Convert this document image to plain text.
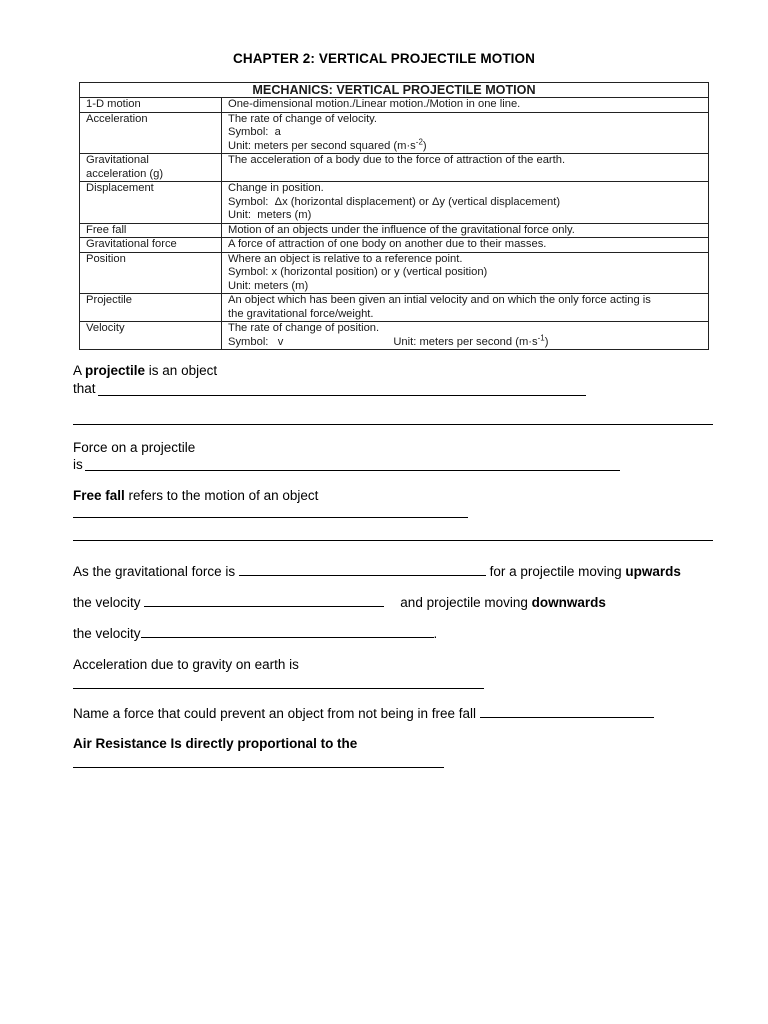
CHAPTER 2: VERTICAL PROJECTILE MOTION
MECHANICS: VERTICAL PROJECTILE MOTION	

1-D motion	One-dimensional motion./Linear motion./Motion in one line.

Acceleration	The rate of change of velocity.
Symbol:  a
Unit: meters per second squared $(m\cdot s^{-2})$

Gravitational
acceleration (g)	The acceleration of a body due to the force of attraction of the earth.

Displacement	Change in position.
Symbol:  Δx (horizontal displacement) or Δy (vertical displacement)
Unit:  meters (m)

Free fall	Motion of an objects under the influence of the gravitational force only.

Gravitational force	A force of attraction of one body on another due to their masses.

Position	Where an object is relative to a reference point.
Symbol: x (horizontal position) or y (vertical position)
Unit: meters (m)

Projectile	An object which has been given an intial velocity and on which the only force acting is
the gravitational force/weight.

Velocity	The rate of change of position.
Symbol:   v Unit: meters per second $(m\cdot s^{-1})$
A projectile is an object
that
Force on a projectile
is
Free fall refers to the motion of an object
As the gravitational force is	for a projectile moving upwards
the velocity	and projectile moving downwards
the velocity	.
Acceleration due to gravity on earth is
Name a force that could prevent an object from not being in free fall
Air Resistance Is directly proportional to the
